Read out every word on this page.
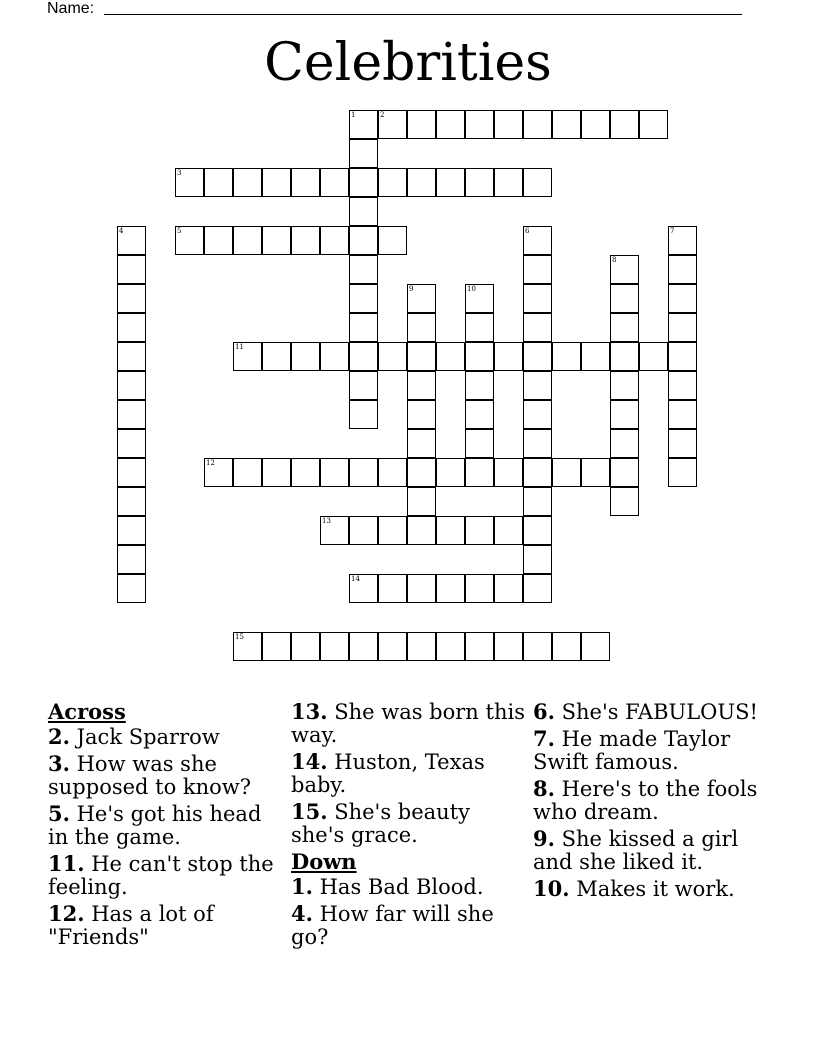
Name:
Celebrities
2
3
5
11
12
13
14
15
1
4	6	7
8
9	10
Across
2. Jack Sparrow
3. How was she supposed to know?
5. He's got his head in the game.
11. He can't stop the feeling.
12. Has a lot of "Friends"
13. She was born this way.
14. Huston, Texas baby.
15. She's beauty she's grace.
Down
1. Has Bad Blood.
4. How far will she go?
6. She's FABULOUS!
7. He made Taylor Swift famous.
8. Here's to the fools who dream.
9. She kissed a girl and she liked it.
10. Makes it work.
